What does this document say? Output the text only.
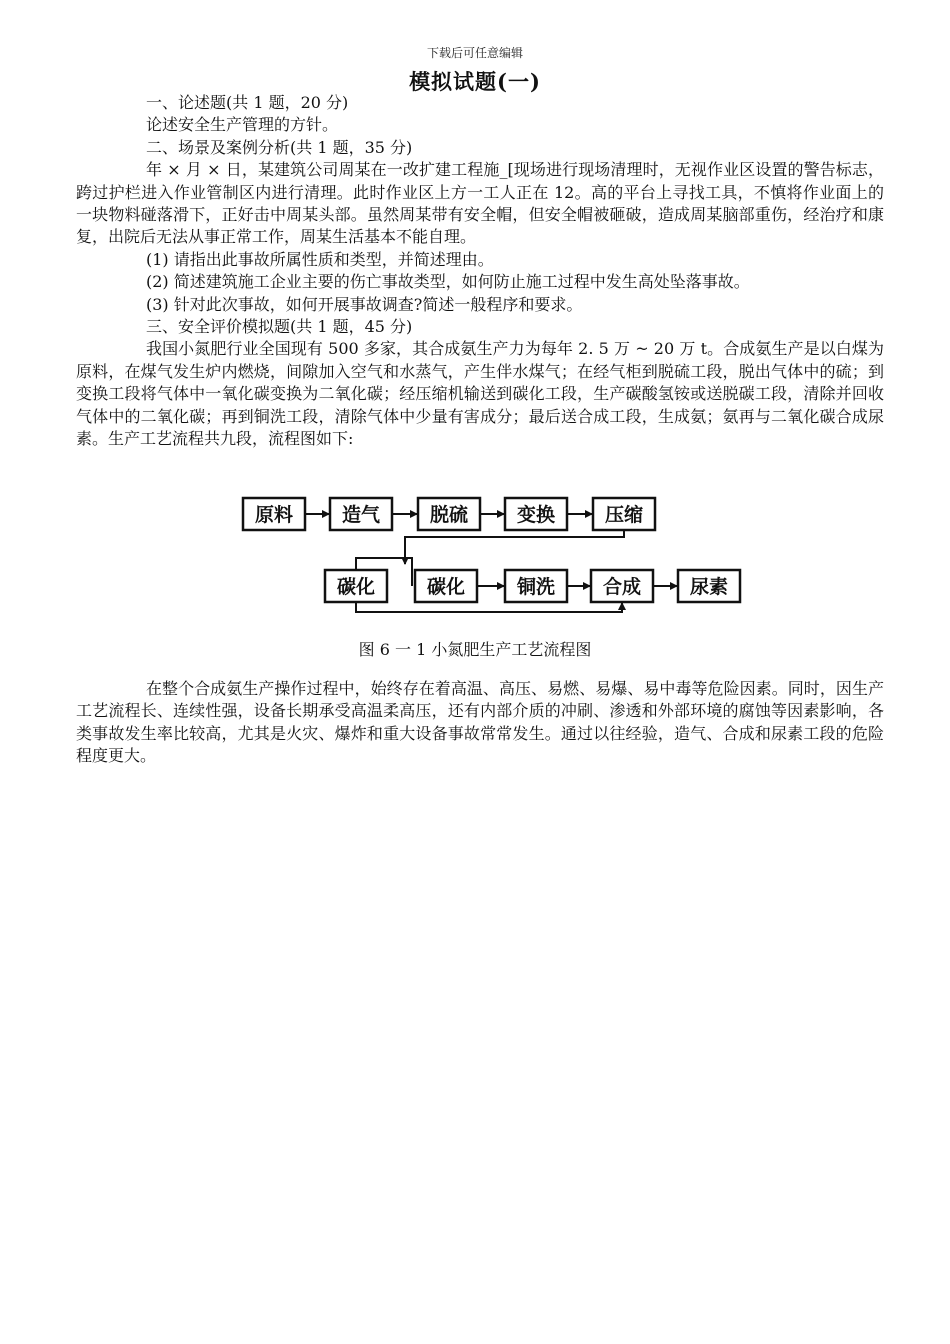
下载后可任意编辑
模拟试题(一)

一、论述题(共 1 题，20 分)

论述安全生产管理的方针。

二、场景及案例分析(共 1 题，35 分)

年 × 月 × 日，某建筑公司周某在一改扩建工程施_[现场进行现场清理时，无视作业区设置的警告标志，跨过护栏进入作业管制区内进行清理。此时作业区上方一工人正在 12。高的平台上寻找工具，不慎将作业面上的一块物料碰落滑下，正好击中周某头部。虽然周某带有安全帽，但安全帽被砸破，造成周某脑部重伤，经治疗和康复，出院后无法从事正常工作，周某生活基本不能自理。

(1) 请指出此事故所属性质和类型，并简述理由。

(2) 简述建筑施工企业主要的伤亡事故类型，如何防止施工过程中发生高处坠落事故。

(3) 针对此次事故，如何开展事故调查?简述一般程序和要求。

三、安全评价模拟题(共 1 题，45 分)

我国小氮肥行业全国现有 500 多家，其合成氨生产力为每年 2. 5 万 ~ 20 万 t。合成氨生产是以白煤为原料，在煤气发生炉内燃烧，间隙加入空气和水蒸气，产生伴水煤气；在经气柜到脱硫工段，脱出气体中的硫；到变换工段将气体中一氧化碳变换为二氧化碳；经压缩机输送到碳化工段，生产碳酸氢铵或送脱碳工段，清除并回收气体中的二氧化碳；再到铜洗工段，清除气体中少量有害成分；最后送合成工段，生成氨；氨再与二氧化碳合成尿素。生产工艺流程共九段，流程图如下:

原料	造气	脱硫	变换	压缩
碳化	碳化	铜洗	合成	尿素
图 6 一 1 小氮肥生产工艺流程图

在整个合成氨生产操作过程中，始终存在着高温、高压、易燃、易爆、易中毒等危险因素。同时，因生产工艺流程长、连续性强，设备长期承受高温柔高压，还有内部介质的冲刷、渗透和外部环境的腐蚀等因素影响，各类事故发生率比较高，尤其是火灾、爆炸和重大设备事故常常发生。通过以往经验，造气、合成和尿素工段的危险程度更大。
